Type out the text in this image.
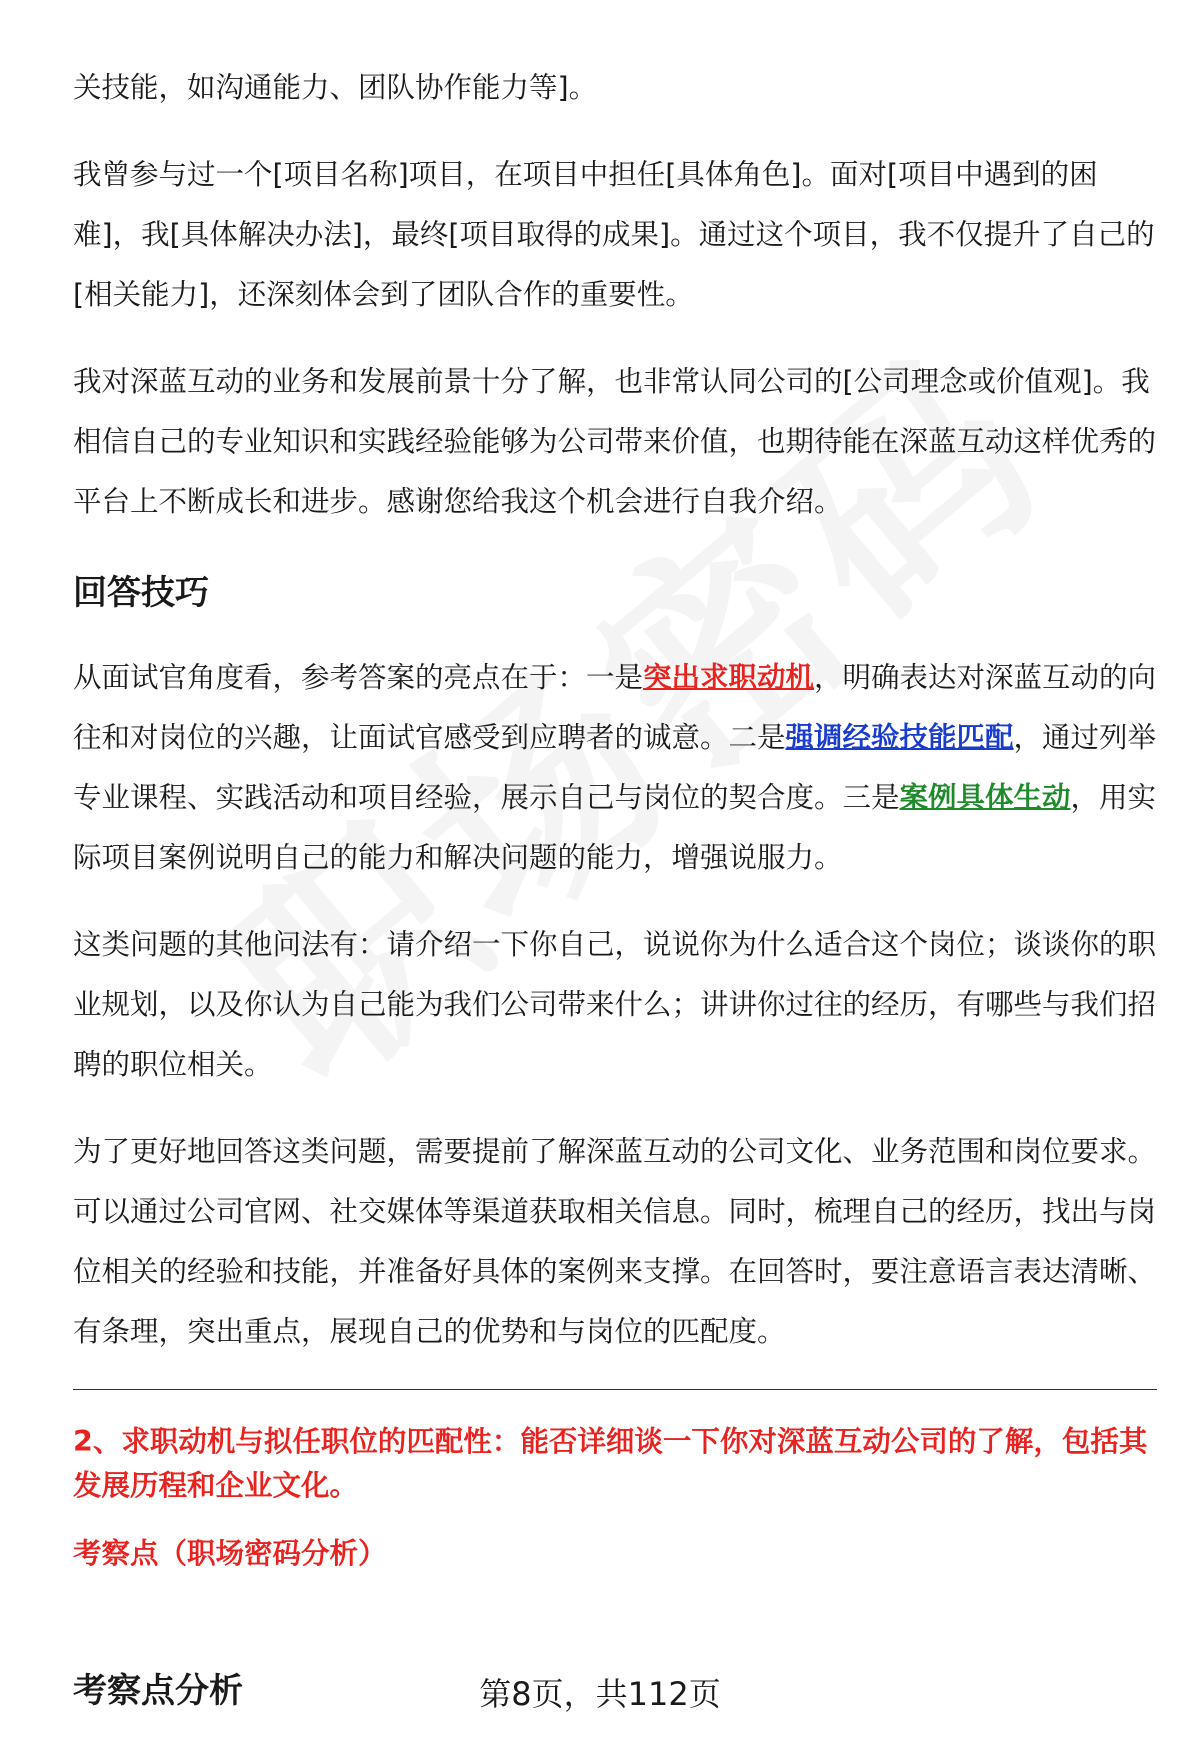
关技能，如沟通能力、团队协作能力等]。

我曾参与过一个[项目名称]项目，在项目中担任[具体角色]。面对[项目中遇到的困难]，我[具体解决办法]，最终[项目取得的成果]。通过这个项目，我不仅提升了自己的[相关能力]，还深刻体会到了团队合作的重要性。

我对深蓝互动的业务和发展前景十分了解，也非常认同公司的[公司理念或价值观]。我相信自己的专业知识和实践经验能够为公司带来价值，也期待能在深蓝互动这样优秀的平台上不断成长和进步。感谢您给我这个机会进行自我介绍。

回答技巧

从面试官角度看，参考答案的亮点在于：一是突出求职动机，明确表达对深蓝互动的向往和对岗位的兴趣，让面试官感受到应聘者的诚意。二是强调经验技能匹配，通过列举专业课程、实践活动和项目经验，展示自己与岗位的契合度。三是案例具体生动，用实际项目案例说明自己的能力和解决问题的能力，增强说服力。

这类问题的其他问法有：请介绍一下你自己，说说你为什么适合这个岗位；谈谈你的职业规划，以及你认为自己能为我们公司带来什么；讲讲你过往的经历，有哪些与我们招聘的职位相关。

为了更好地回答这类问题，需要提前了解深蓝互动的公司文化、业务范围和岗位要求。可以通过公司官网、社交媒体等渠道获取相关信息。同时，梳理自己的经历，找出与岗位相关的经验和技能，并准备好具体的案例来支撑。在回答时，要注意语言表达清晰、有条理，突出重点，展现自己的优势和与岗位的匹配度。

2、求职动机与拟任职位的匹配性：能否详细谈一下你对深蓝互动公司的了解，包括其发展历程和企业文化。

考察点（职场密码分析）

考察点分析	第8页，共112页
